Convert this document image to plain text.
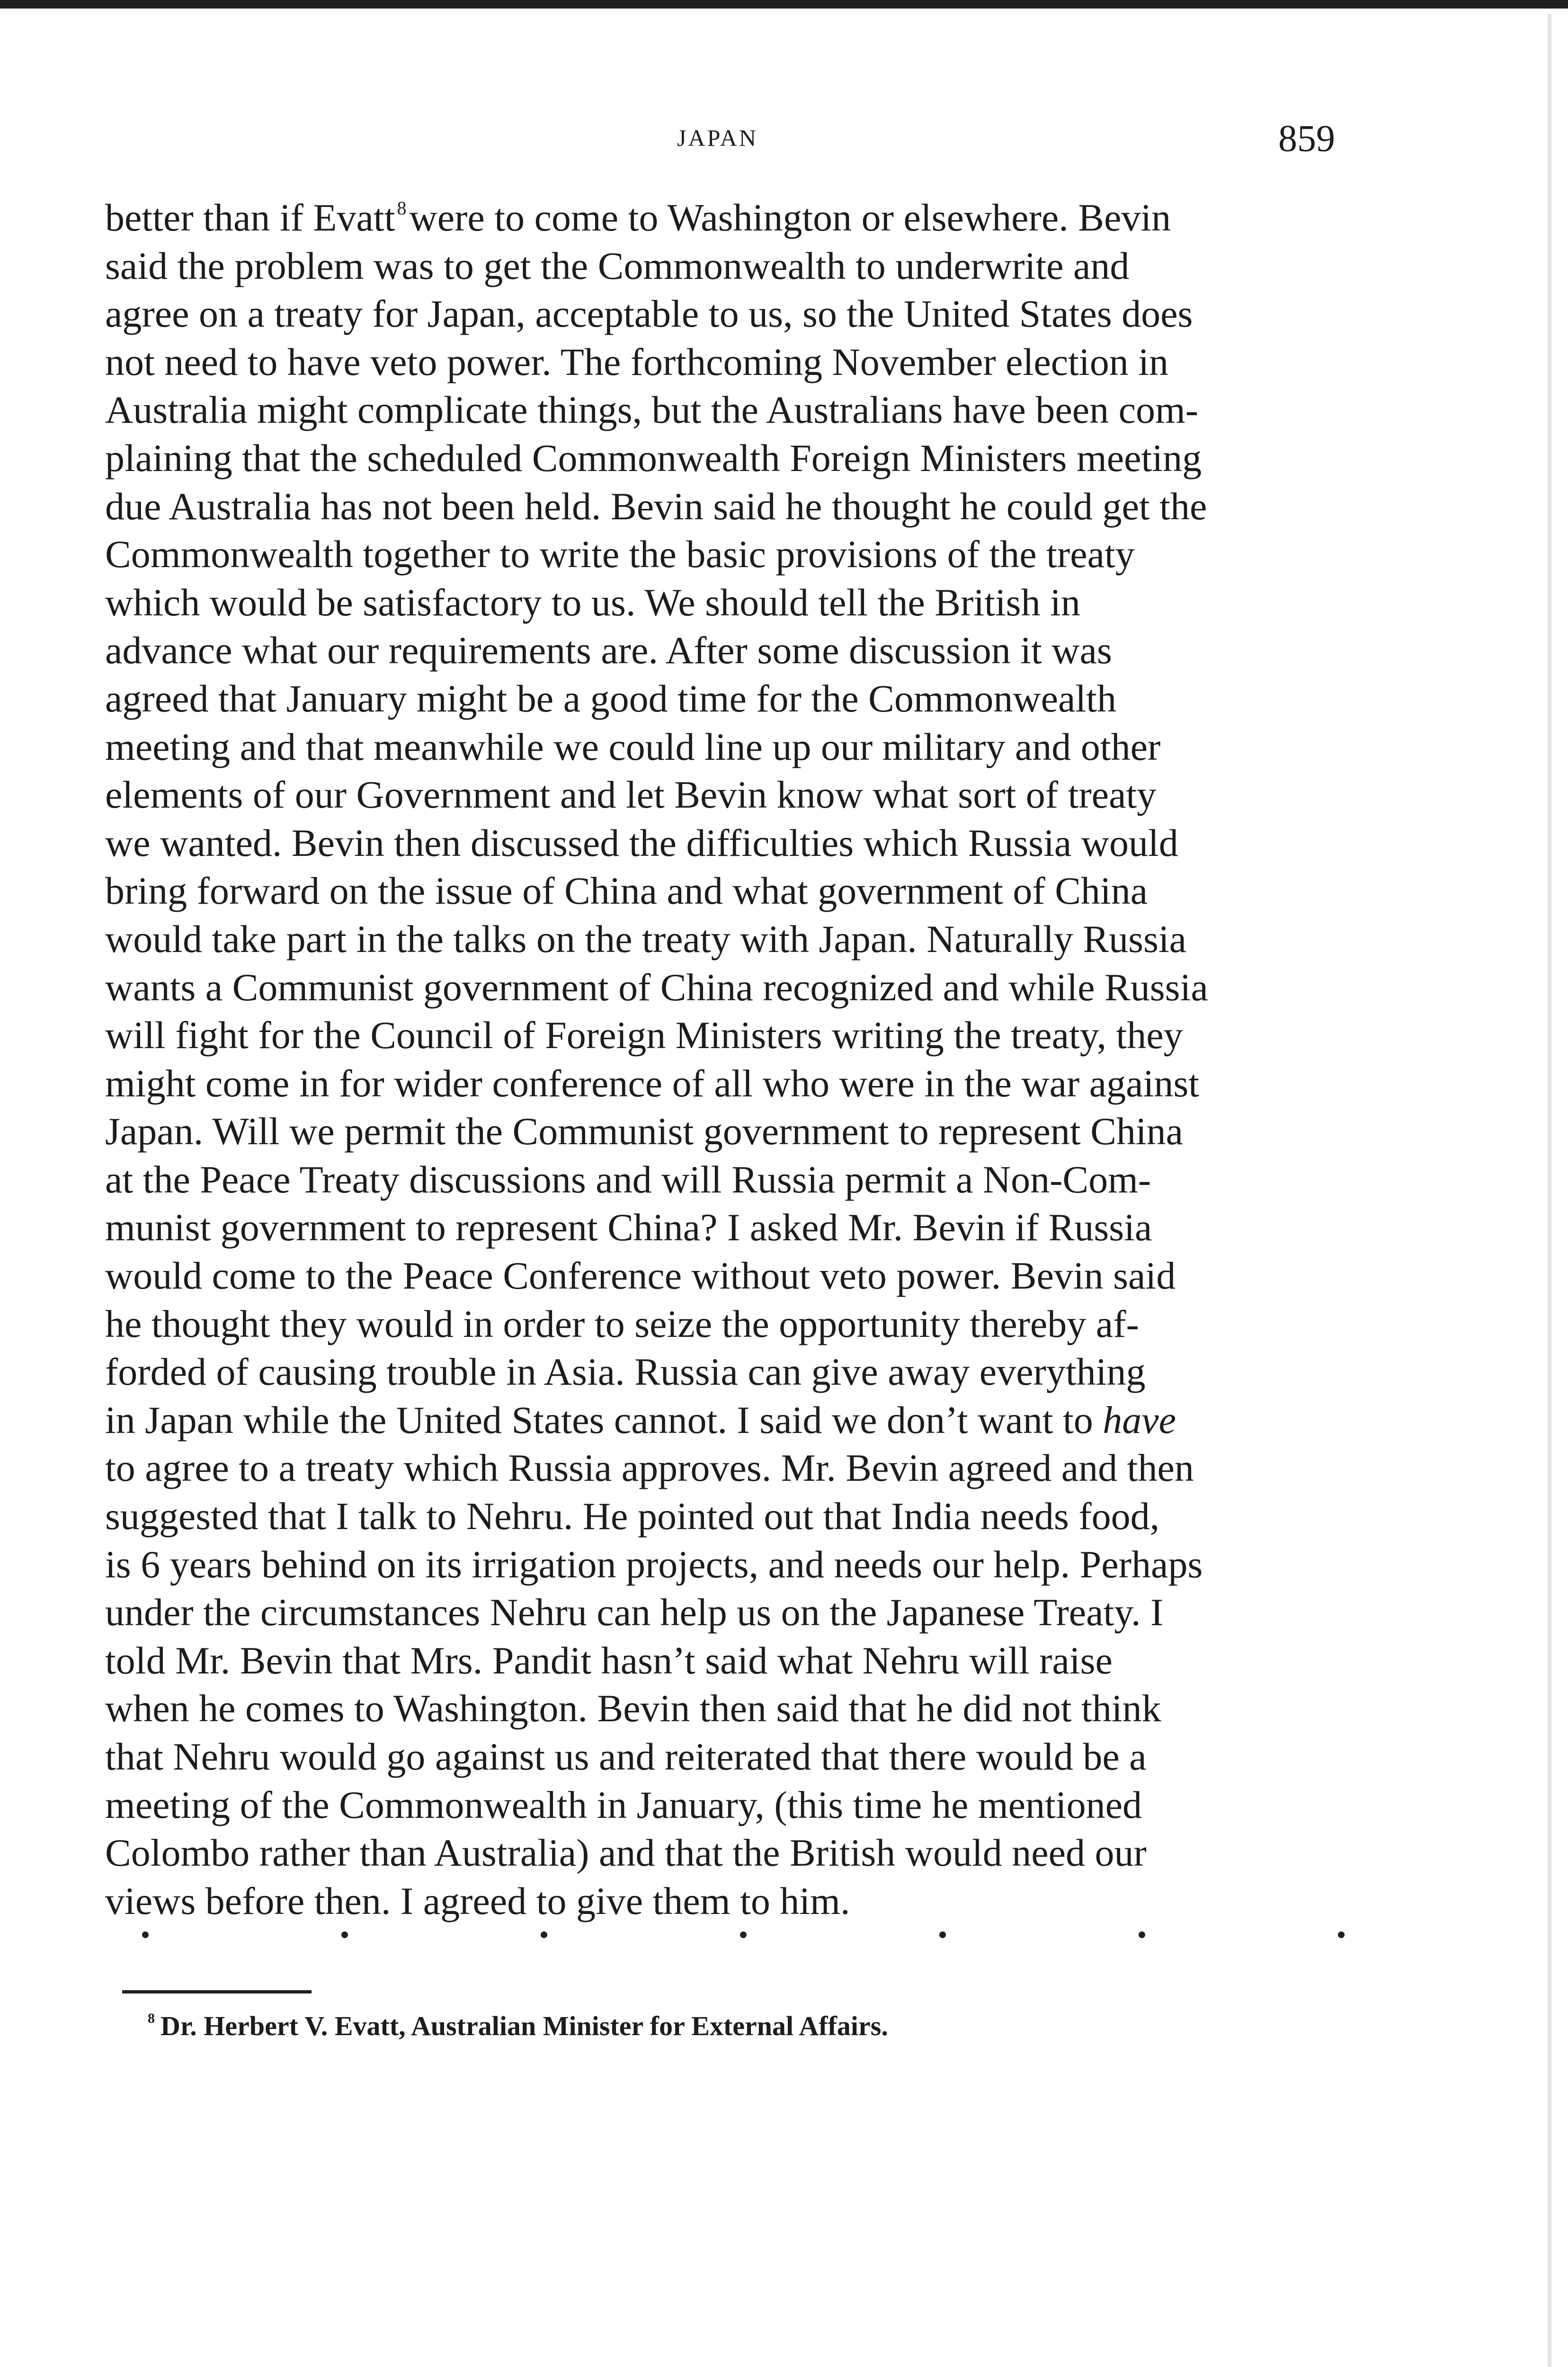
JAPAN	859
better than if Evatt $^8$were to come to Washington or elsewhere. Bevin
said the problem was to get the Commonwealth to underwrite and
agree on a treaty for Japan, acceptable to us, so the United States does
not need to have veto power. The forthcoming November election in
Australia might complicate things, but the Australians have been com-
plaining that the scheduled Commonwealth Foreign Ministers meeting
due Australia has not been held. Bevin said he thought he could get the
Commonwealth together to write the basic provisions of the treaty
which would be satisfactory to us. We should tell the British in
advance what our requirements are. After some discussion it was
agreed that January might be a good time for the Commonwealth
meeting and that meanwhile we could line up our military and other
elements of our Government and let Bevin know what sort of treaty
we wanted. Bevin then discussed the difficulties which Russia would
bring forward on the issue of China and what government of China
would take part in the talks on the treaty with Japan. Naturally Russia
wants a Communist government of China recognized and while Russia
will fight for the Council of Foreign Ministers writing the treaty, they
might come in for wider conference of all who were in the war against
Japan. Will we permit the Communist government to represent China
at the Peace Treaty discussions and will Russia permit a Non-Com-
munist government to represent China? I asked Mr. Bevin if Russia
would come to the Peace Conference without veto power. Bevin said
he thought they would in order to seize the opportunity thereby af-
forded of causing trouble in Asia. Russia can give away everything
in Japan while the United States cannot. I said we don’t want to have
to agree to a treaty which Russia approves. Mr. Bevin agreed and then
suggested that I talk to Nehru. He pointed out that India needs food,
is 6 years behind on its irrigation projects, and needs our help. Perhaps
under the circumstances Nehru can help us on the Japanese Treaty. I
told Mr. Bevin that Mrs. Pandit hasn’t said what Nehru will raise
when he comes to Washington. Bevin then said that he did not think
that Nehru would go against us and reiterated that there would be a
meeting of the Commonwealth in January, (this time he mentioned
Colombo rather than Australia) and that the British would need our
views before then. I agreed to give them to him.
$^8$ Dr. Herbert V. Evatt, Australian Minister for External Affairs.
